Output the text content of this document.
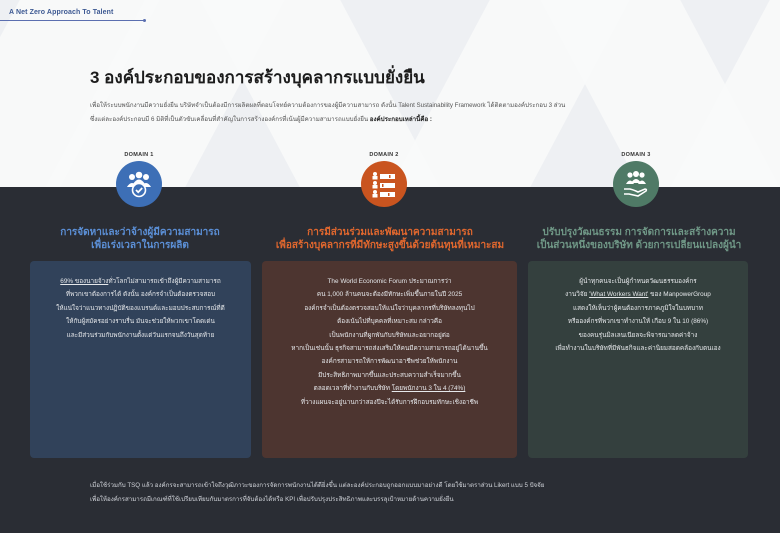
A Net Zero Approach To Talent
3 องค์ประกอบของการสร้างบุคลากรแบบยั่งยืน
เพื่อให้ระบบพนักงานมีความยั่งยืน บริษัทจำเป็นต้องมีการผลิตผลที่ตอบโจทย์ความต้องการของผู้มีความสามารถ ดังนั้น Talent Sustainability Framework ได้ติดตามองค์ประกอบ 3 ส่วน
ซึ่งแต่ละองค์ประกอบมี 6 มิติที่เป็นตัวขับเคลื่อนที่สำคัญในการสร้างองค์กรที่เน้นผู้มีความสามารถแบบยั่งยืน องค์ประกอบเหล่านี้คือ :
DOMAIN 1	DOMAIN 2	DOMAIN 3
การจัดหาและว่าจ้างผู้มีความสามารถ
เพื่อเร่งเวลาในการผลิต
การมีส่วนร่วมและพัฒนาความสามารถ
เพื่อสร้างบุคลากรที่มีทักษะสูงขึ้นด้วยต้นทุนที่เหมาะสม
ปรับปรุงวัฒนธรรม การจัดการและสร้างความ
เป็นส่วนหนึ่งของบริษัท ด้วยการเปลี่ยนแปลงผู้นำ
69% ของนายจ้างทั่วโลกไม่สามารถเข้าถึงผู้มีความสามารถ
ที่พวกเขาต้องการได้ ดังนั้น องค์กรจำเป็นต้องตรวจสอบ
ให้แน่ใจว่าแนวทางปฏิบัติของแบรนด์และมอบประสบการณ์ที่ดี
ให้กับผู้สมัครอย่างราบรื่น มันจะช่วยให้พวกเขาโดดเด่น
และมีส่วนร่วมกับพนักงานตั้งแต่วันแรกจนถึงวันสุดท้าย
The World Economic Forum ประมาณการว่า
คน 1,000 ล้านคนจะต้องมีทักษะเพิ่มขึ้นภายในปี 2025
องค์กรจำเป็นต้องตรวจสอบให้แน่ใจว่าบุคลากรที่บริษัทลงทุนไป
ต้องเน้นไปที่บุคคลที่เหมาะสม กล่าวคือ
เป็นพนักงานที่ผูกพันกับบริษัทและอยากอยู่ต่อ
หากเป็นเช่นนั้น ธุรกิจสามารถส่งเสริมให้คนมีความสามารถอยู่ได้นานขึ้น
องค์กรสามารถให้การพัฒนาอาชีพช่วยให้พนักงาน
มีประสิทธิภาพมากขึ้นและประสบความสำเร็จมากขึ้น
ตลอดเวลาที่ทำงานกับบริษัท โดยพนักงาน 3 ใน 4 (74%)
ที่วางแผนจะอยู่นานกว่าสองปีจะได้รับการฝึกอบรมทักษะเชิงอาชีพ
ผู้นำทุกคนจะเป็นผู้กำหนดวัฒนธรรมองค์กร
งานวิจัย 'What Workers Want' ของ ManpowerGroup
แสดงให้เห็นว่าผู้คนต้องการภาคภูมิใจในบทบาท
หรือองค์กรที่พวกเขาทำงานให้ เกือบ 9 ใน 10 (86%)
ของคนรุ่นมิลเลนเนียลจะพิจารณาลดค่าจ้าง
เพื่อทำงานในบริษัทที่มีพันธกิจและค่านิยมสอดคล้องกับตนเอง
เมื่อใช้ร่วมกับ TSQ แล้ว องค์กรจะสามารถเข้าใจถึงวุฒิภาวะของการจัดการพนักงานได้ดียิ่งขึ้น แต่ละองค์ประกอบถูกออกแบบมาอย่างดี โดยใช้มาตราส่วน Likert แบบ 5 ปัจจัย
เพื่อให้องค์กรสามารถมีเกณฑ์ที่ใช้เปรียบเทียบกับมาตรการที่จับต้องได้หรือ KPI เพื่อปรับปรุงประสิทธิภาพและบรรลุเป้าหมายด้านความยั่งยืน
